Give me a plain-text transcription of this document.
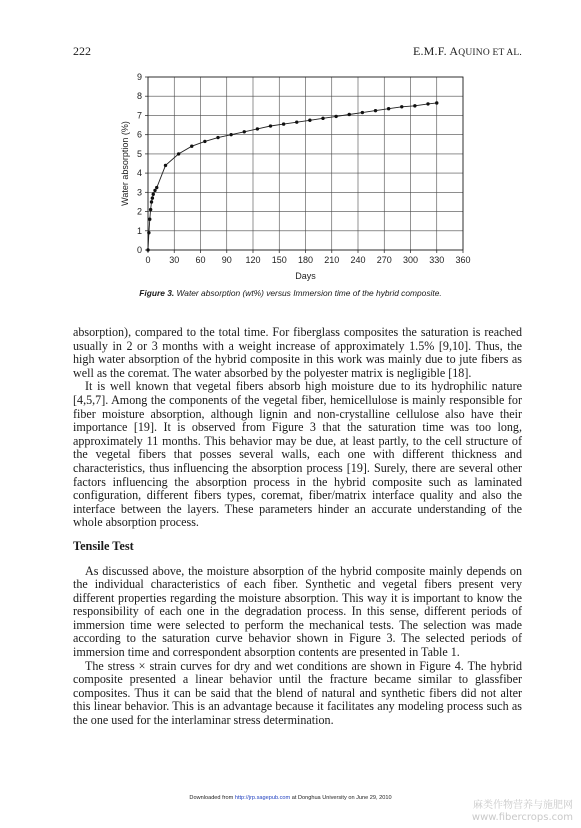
222	E.M.F. AQUINO ET AL.
0 30 60 90 120 150 180 210 240 270 300 330 360
0
1
2
3
4
5
6
7
8
9
Days
Water absorption (%)
Figure 3. Water absorption (wt%) versus Immersion time of the hybrid composite.

absorption), compared to the total time. For fiberglass composites the saturation is reached usually in 2 or 3 months with a weight increase of approximately 1.5% [9,10]. Thus, the high water absorption of the hybrid composite in this work was mainly due to jute fibers as well as the coremat. The water absorbed by the polyester matrix is negligible [18].

It is well known that vegetal fibers absorb high moisture due to its hydrophilic nature [4,5,7]. Among the components of the vegetal fiber, hemicellulose is mainly responsible for fiber moisture absorption, although lignin and non-crystalline cellulose also have their importance [19]. It is observed from Figure 3 that the saturation time was too long, approximately 11 months. This behavior may be due, at least partly, to the cell structure of the vegetal fibers that posses several walls, each one with different thickness and characteristics, thus influencing the absorption process [19]. Surely, there are several other factors influencing the absorption process in the hybrid composite such as laminated configuration, different fibers types, coremat, fiber/matrix interface quality and also the interface between the layers. These parameters hinder an accurate understanding of the whole absorption process.

Tensile Test

As discussed above, the moisture absorption of the hybrid composite mainly depends on the individual characteristics of each fiber. Synthetic and vegetal fibers present very different properties regarding the moisture absorption. This way it is important to know the responsibility of each one in the degradation process. In this sense, different periods of immersion time were selected to perform the mechanical tests. The selection was made according to the saturation curve behavior shown in Figure 3. The selected periods of immersion time and correspondent absorption contents are presented in Table 1.

The stress × strain curves for dry and wet conditions are shown in Figure 4. The hybrid composite presented a linear behavior until the fracture became similar to glassfiber composites. Thus it can be said that the blend of natural and synthetic fibers did not alter this linear behavior. This is an advantage because it facilitates any modeling process such as the one used for the interlaminar stress determination.

Downloaded from http://jrp.sagepub.com at Donghua University on June 29, 2010
麻类作物营养与施肥网
www.fibercrops.com
